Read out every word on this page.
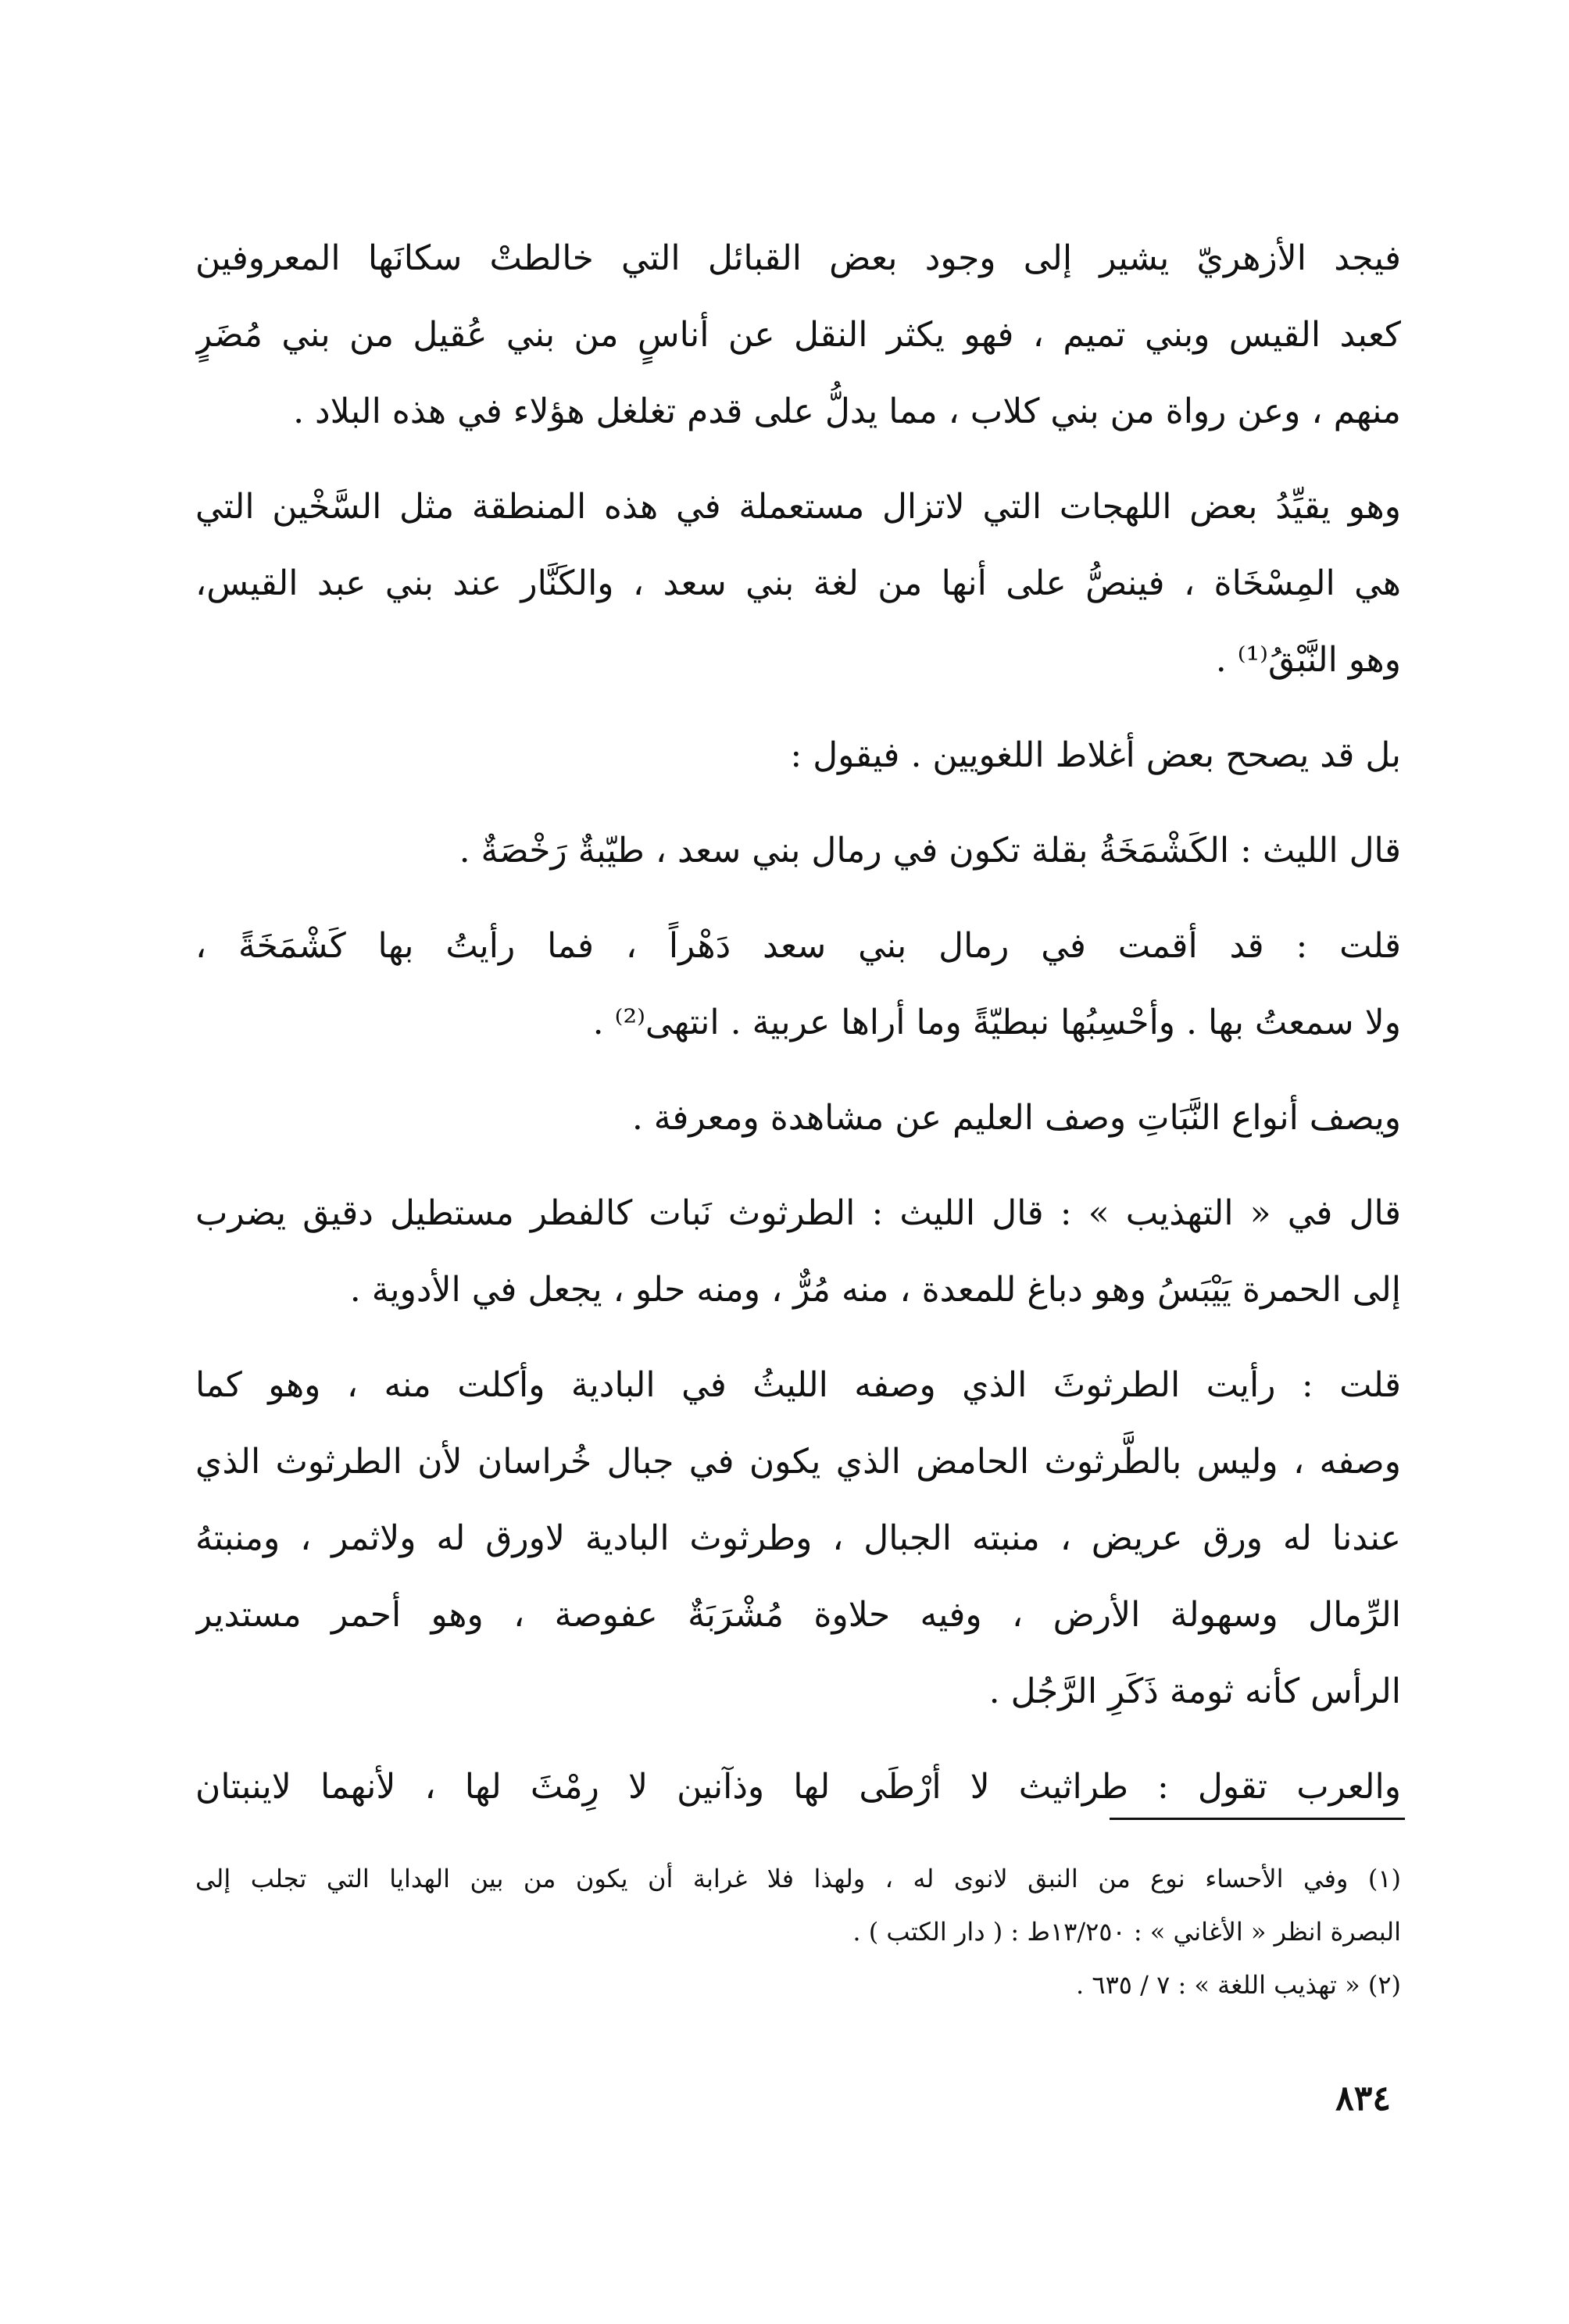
فيجد الأزهريّ يشير إلى وجود بعض القبائل التي خالطتْ سكانَها المعروفين
كعبد القيس وبني تميم ، فهو يكثر النقل عن أناسٍ من بني عُقيل من بني مُضَرٍ
منهم ، وعن رواة من بني كلاب ، مما يدلُّ على قدم تغلغل هؤلاء في هذه البلاد .

وهو يقيِّدُ بعض اللهجات التي لاتزال مستعملة في هذه المنطقة مثل السَّخْين التي
هي المِسْخَاة ، فينصُّ على أنها من لغة بني سعد ، والكَنَّار عند بني عبد القيس،
وهو النَّبْقُ⁽¹⁾ .

بل قد يصحح بعض أغلاط اللغويين . فيقول :

قال الليث : الكَشْمَخَةُ بقلة تكون في رمال بني سعد ، طيّبةٌ رَخْصَةٌ .

قلت : قد أقمت في رمال بني سعد دَهْراً ، فما رأيتُ بها كَشْمَخَةً ،
ولا سمعتُ بها . وأحْسِبُها نبطيّةً وما أراها عربية . انتهى⁽²⁾ .

ويصف أنواع النَّبَاتِ وصف العليم عن مشاهدة ومعرفة .

قال في « التهذيب » : قال الليث : الطرثوث نَبات كالفطر مستطيل دقيق يضرب
إلى الحمرة يَيْبَسُ وهو دباغ للمعدة ، منه مُرٌّ ، ومنه حلو ، يجعل في الأدوية .

قلت : رأيت الطرثوثَ الذي وصفه الليثُ في البادية وأكلت منه ، وهو كما
وصفه ، وليس بالطَّرثوث الحامض الذي يكون في جبال خُراسان لأن الطرثوث الذي
عندنا له ورق عريض ، منبته الجبال ، وطرثوث البادية لاورق له ولاثمر ، ومنبتهُ
الرِّمال وسهولة الأرض ، وفيه حلاوة مُشْرَبَةٌ عفوصة ، وهو أحمر مستدير
الرأس كأنه ثومة ذَكَرِ الرَّجُل .

والعرب تقول : طراثيث لا أرْطَى لها وذآنين لا رِمْثَ لها ، لأنهما لاينبتان

(١) وفي الأحساء نوع من النبق لانوى له ، ولهذا فلا غرابة أن يكون من بين الهدايا التي تجلب إلى
البصرة انظر « الأغاني » : ١٣/٢٥٠ط : ( دار الكتب ) .
(٢) « تهذيب اللغة » : ٧ / ٦٣٥ .
٨٣٤
